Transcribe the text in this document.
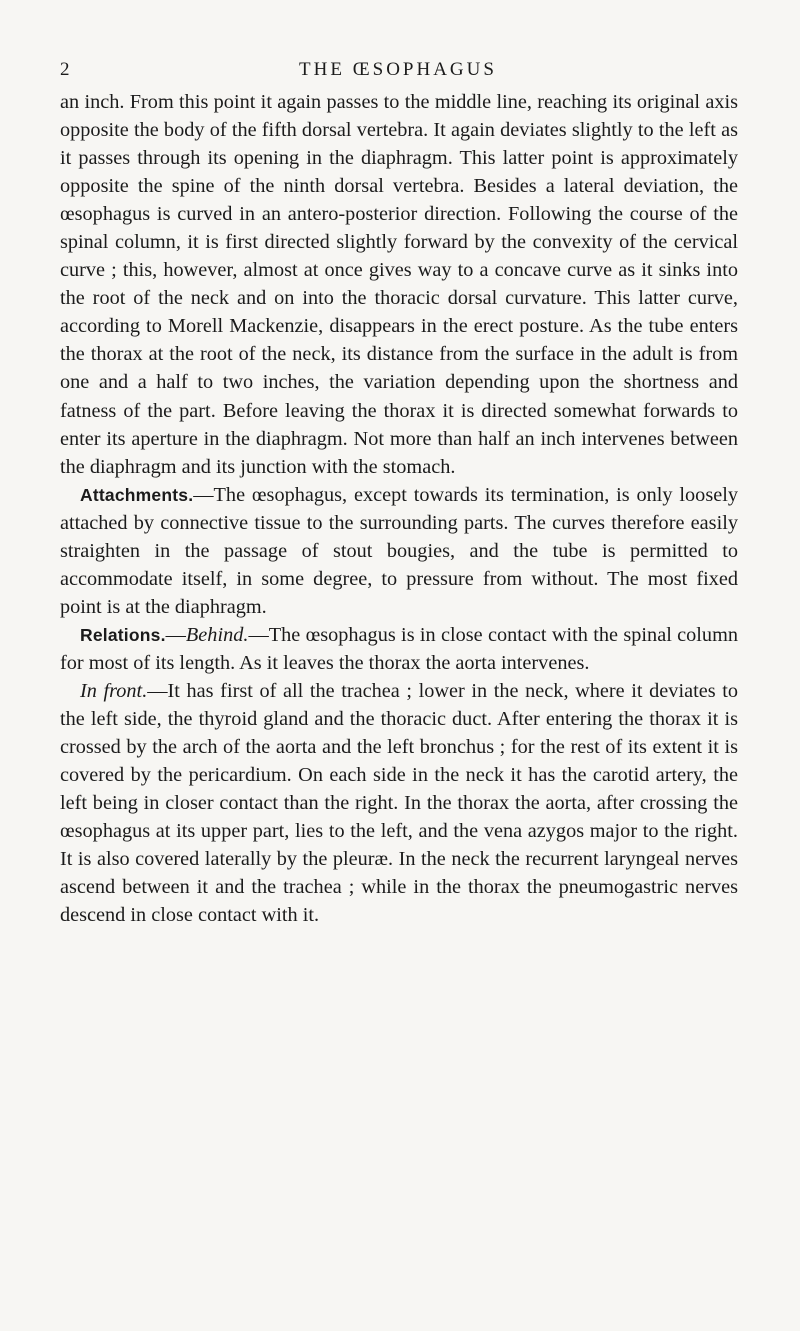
2	THE ŒSOPHAGUS

an inch. From this point it again passes to the middle line, reaching its original axis opposite the body of the fifth dorsal vertebra. It again deviates slightly to the left as it passes through its opening in the diaphragm. This latter point is approximately opposite the spine of the ninth dorsal vertebra. Besides a lateral deviation, the œsophagus is curved in an antero-posterior direction. Following the course of the spinal column, it is first directed slightly forward by the convexity of the cervical curve ; this, however, almost at once gives way to a concave curve as it sinks into the root of the neck and on into the thoracic dorsal curvature. This latter curve, according to Morell Mackenzie, disappears in the erect posture. As the tube enters the thorax at the root of the neck, its distance from the surface in the adult is from one and a half to two inches, the variation depending upon the shortness and fatness of the part. Before leaving the thorax it is directed somewhat forwards to enter its aperture in the diaphragm. Not more than half an inch intervenes between the diaphragm and its junction with the stomach.

Attachments.—The œsophagus, except towards its termination, is only loosely attached by connective tissue to the surrounding parts. The curves therefore easily straighten in the passage of stout bougies, and the tube is permitted to accommodate itself, in some degree, to pressure from without. The most fixed point is at the diaphragm.

Relations.—Behind.—The œsophagus is in close contact with the spinal column for most of its length. As it leaves the thorax the aorta intervenes.

In front.—It has first of all the trachea ; lower in the neck, where it deviates to the left side, the thyroid gland and the thoracic duct. After entering the thorax it is crossed by the arch of the aorta and the left bronchus ; for the rest of its extent it is covered by the pericardium. On each side in the neck it has the carotid artery, the left being in closer contact than the right. In the thorax the aorta, after crossing the œsophagus at its upper part, lies to the left, and the vena azygos major to the right. It is also covered laterally by the pleuræ. In the neck the recurrent laryngeal nerves ascend between it and the trachea ; while in the thorax the pneumogastric nerves descend in close contact with it.
